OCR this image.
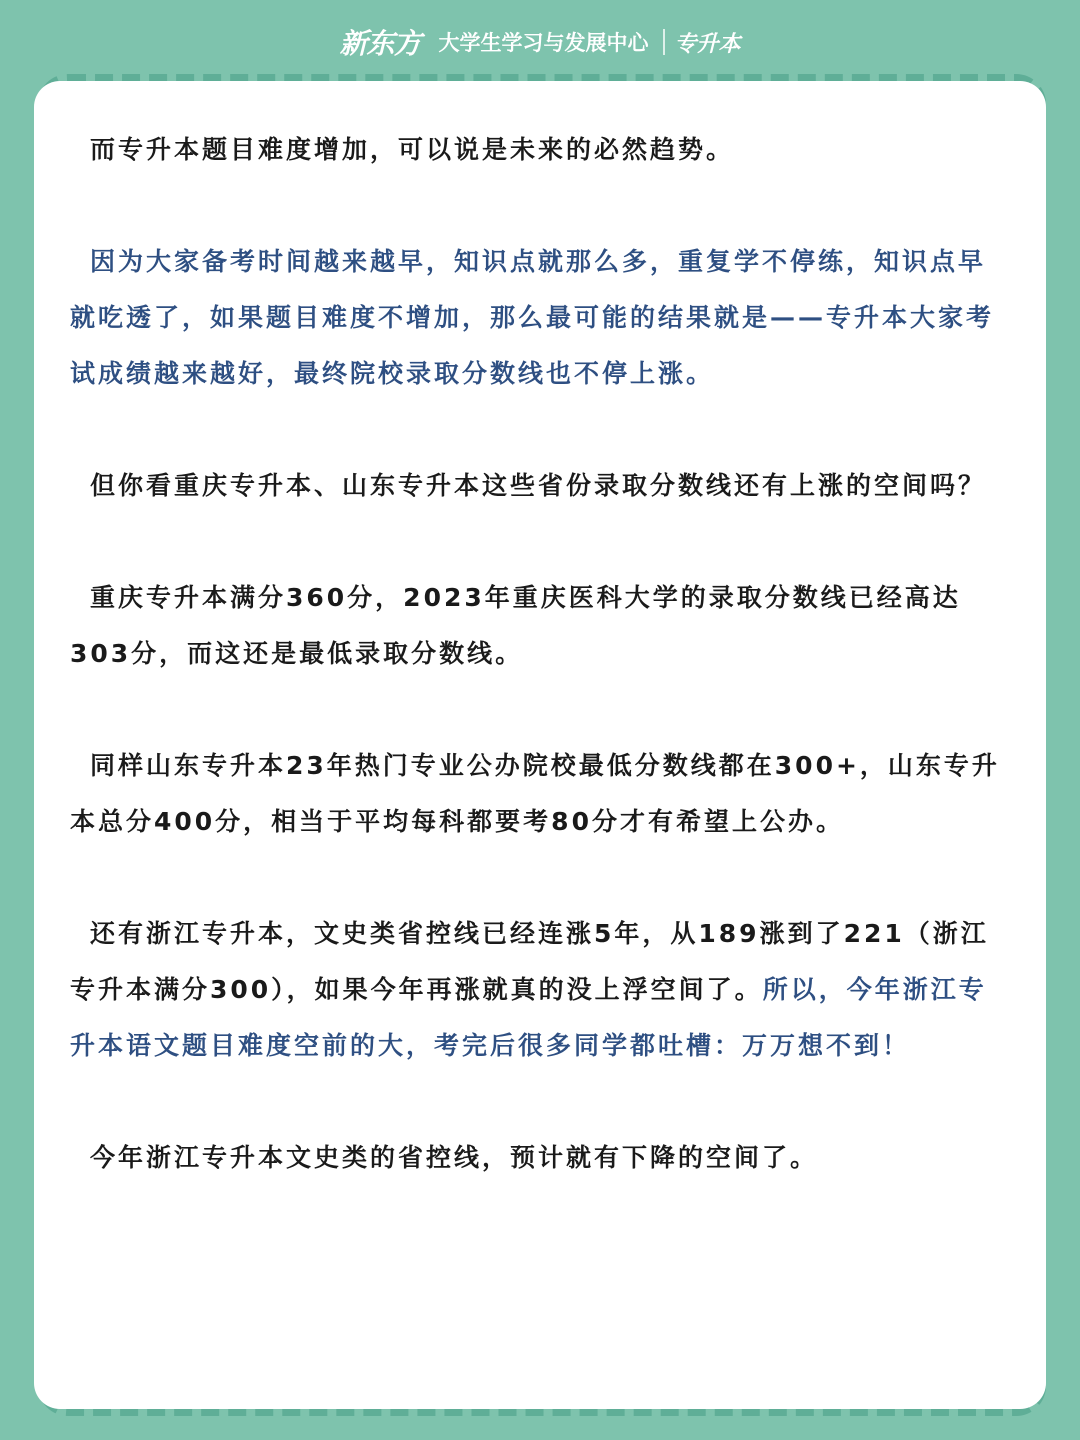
新东方 大学生学习与发展中心 专升本

而专升本题目难度增加，可以说是未来的必然趋势。

因为大家备考时间越来越早，知识点就那么多，重复学不停练，知识点早就吃透了，如果题目难度不增加，那么最可能的结果就是——专升本大家考试成绩越来越好，最终院校录取分数线也不停上涨。

但你看重庆专升本、山东专升本这些省份录取分数线还有上涨的空间吗？

重庆专升本满分360分，2023年重庆医科大学的录取分数线已经高达303分，而这还是最低录取分数线。

同样山东专升本23年热门专业公办院校最低分数线都在300+，山东专升本总分400分，相当于平均每科都要考80分才有希望上公办。

还有浙江专升本，文史类省控线已经连涨5年，从189涨到了221（浙江专升本满分300），如果今年再涨就真的没上浮空间了。所以，今年浙江专升本语文题目难度空前的大，考完后很多同学都吐槽：万万想不到！

今年浙江专升本文史类的省控线，预计就有下降的空间了。
